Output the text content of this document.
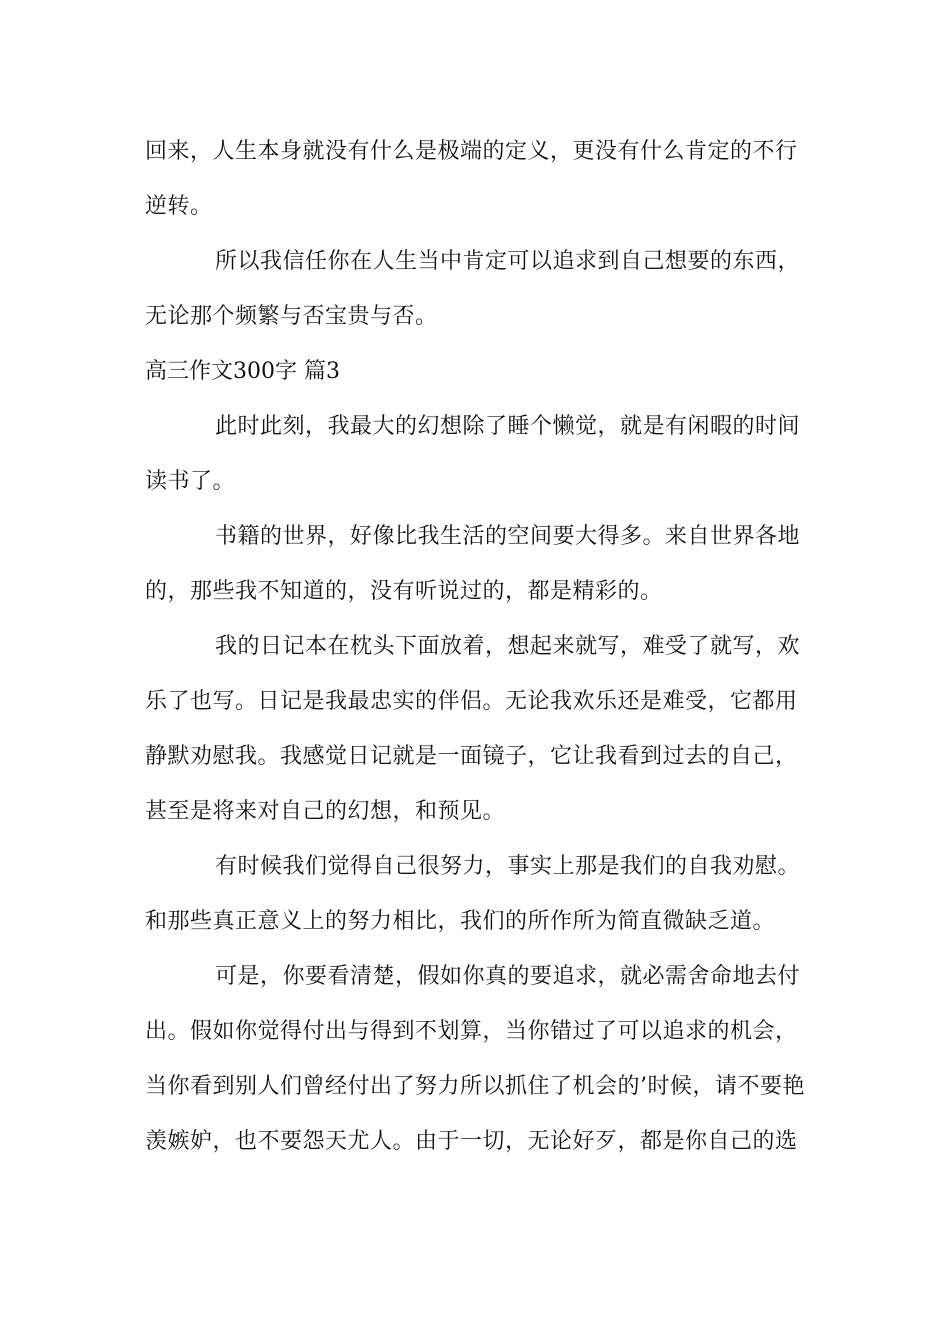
回来，人生本身就没有什么是极端的定义，更没有什么肯定的不行
逆转。
所以我信任你在人生当中肯定可以追求到自己想要的东西，
无论那个频繁与否宝贵与否。
高三作文300字 篇3
此时此刻，我最大的幻想除了睡个懒觉，就是有闲暇的时间
读书了。
书籍的世界，好像比我生活的空间要大得多。来自世界各地
的，那些我不知道的，没有听说过的，都是精彩的。
我的日记本在枕头下面放着，想起来就写，难受了就写，欢
乐了也写。日记是我最忠实的伴侣。无论我欢乐还是难受，它都用
静默劝慰我。我感觉日记就是一面镜子，它让我看到过去的自己，
甚至是将来对自己的幻想，和预见。
有时候我们觉得自己很努力，事实上那是我们的自我劝慰。
和那些真正意义上的努力相比，我们的所作所为简直微缺乏道。
可是，你要看清楚，假如你真的要追求，就必需舍命地去付
出。假如你觉得付出与得到不划算，当你错过了可以追求的机会，
当你看到别人们曾经付出了努力所以抓住了机会的’时候，请不要艳
羡嫉妒，也不要怨天尤人。由于一切，无论好歹，都是你自己的选
